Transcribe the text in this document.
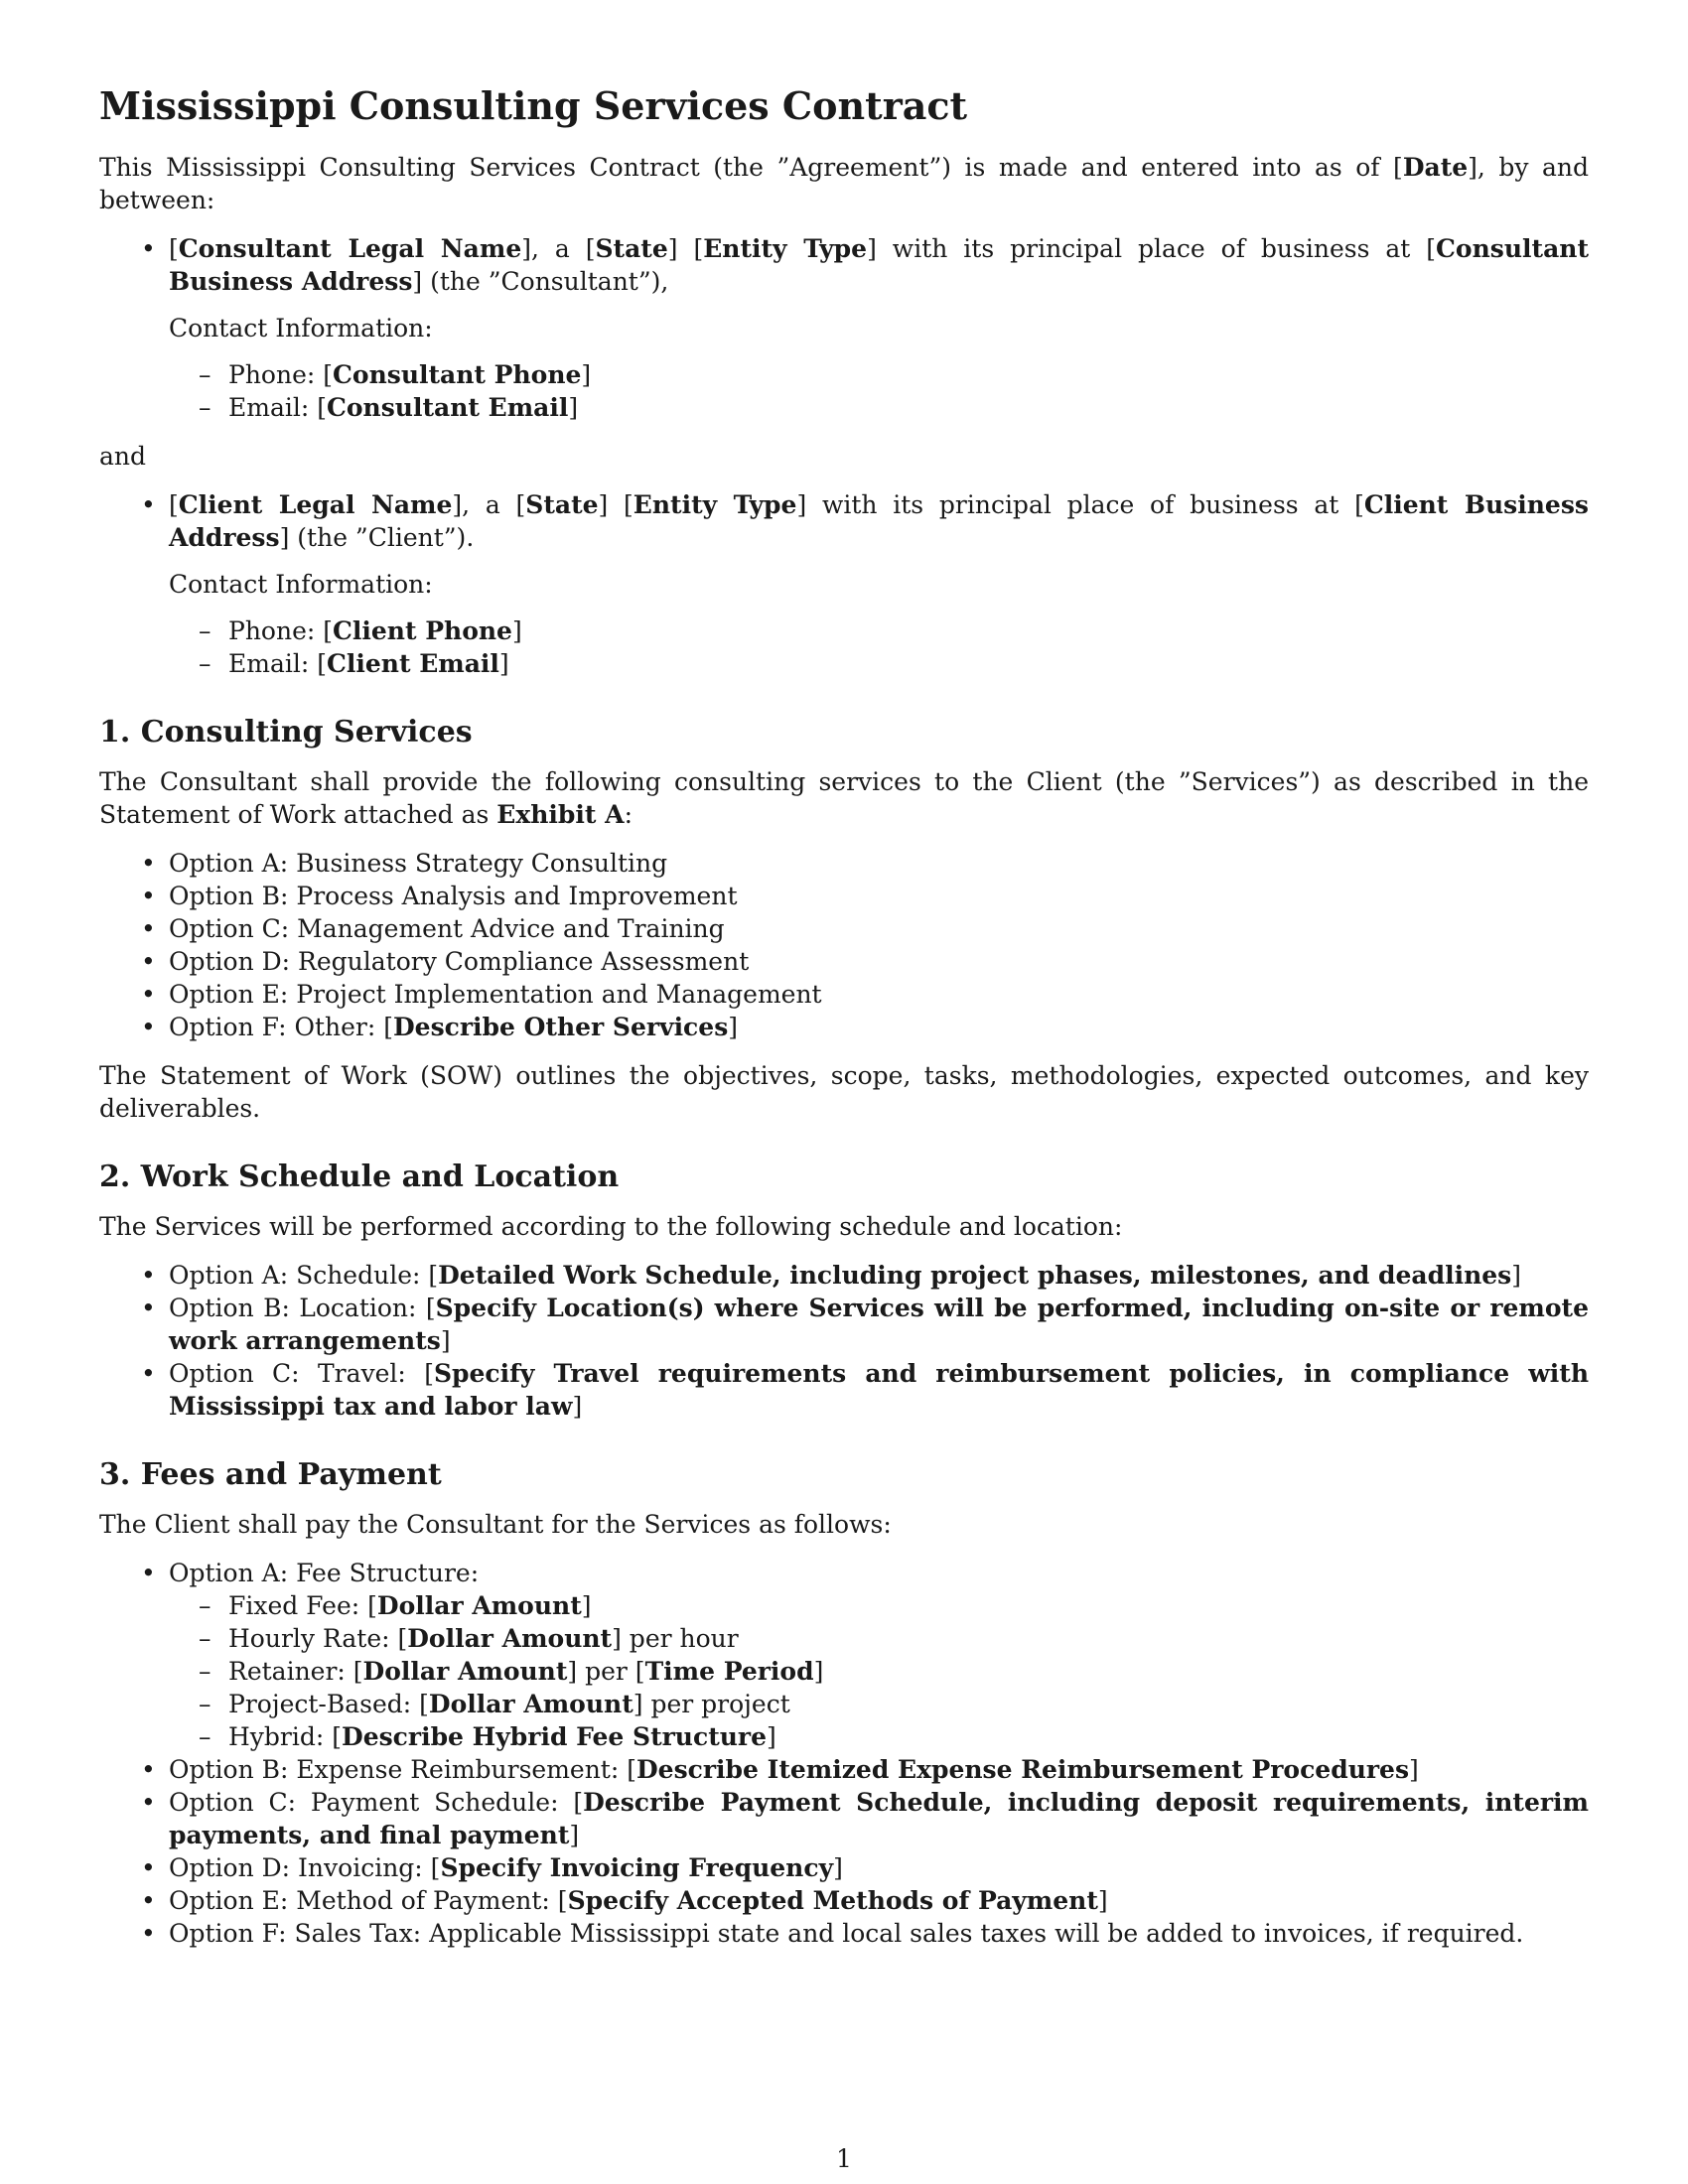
Mississippi Consulting Services Contract

This Mississippi Consulting Services Contract (the ”Agreement”) is made and entered into as of [Date], by and between:

• [Consultant Legal Name], a [State] [Entity Type] with its principal place of business at [Consultant Business Address] (the ”Consultant”),
Contact Information:
– Phone: [Consultant Phone]
– Email: [Consultant Email]
and
• [Client Legal Name], a [State] [Entity Type] with its principal place of business at [Client Business Address] (the ”Client”).
Contact Information:
– Phone: [Client Phone]
– Email: [Client Email]
1. Consulting Services

The Consultant shall provide the following consulting services to the Client (the ”Services”) as described in the Statement of Work attached as Exhibit A:

• Option A: Business Strategy Consulting
• Option B: Process Analysis and Improvement
• Option C: Management Advice and Training
• Option D: Regulatory Compliance Assessment
• Option E: Project Implementation and Management
• Option F: Other: [Describe Other Services]

The Statement of Work (SOW) outlines the objectives, scope, tasks, methodologies, expected outcomes, and key deliverables.

2. Work Schedule and Location

The Services will be performed according to the following schedule and location:

• Option A: Schedule: [Detailed Work Schedule, including project phases, milestones, and deadlines]
• Option B: Location: [Specify Location(s) where Services will be performed, including on-site or remote work arrangements]
• Option C: Travel: [Specify Travel requirements and reimbursement policies, in compliance with Mississippi tax and labor law]
3. Fees and Payment

The Client shall pay the Consultant for the Services as follows:

• Option A: Fee Structure:
– Fixed Fee: [Dollar Amount]
– Hourly Rate: [Dollar Amount] per hour
– Retainer: [Dollar Amount] per [Time Period]
– Project-Based: [Dollar Amount] per project
– Hybrid: [Describe Hybrid Fee Structure]
• Option B: Expense Reimbursement: [Describe Itemized Expense Reimbursement Procedures]
• Option C: Payment Schedule: [Describe Payment Schedule, including deposit requirements, interim payments, and final payment]
• Option D: Invoicing: [Specify Invoicing Frequency]
• Option E: Method of Payment: [Specify Accepted Methods of Payment]
• Option F: Sales Tax: Applicable Mississippi state and local sales taxes will be added to invoices, if required.
1
